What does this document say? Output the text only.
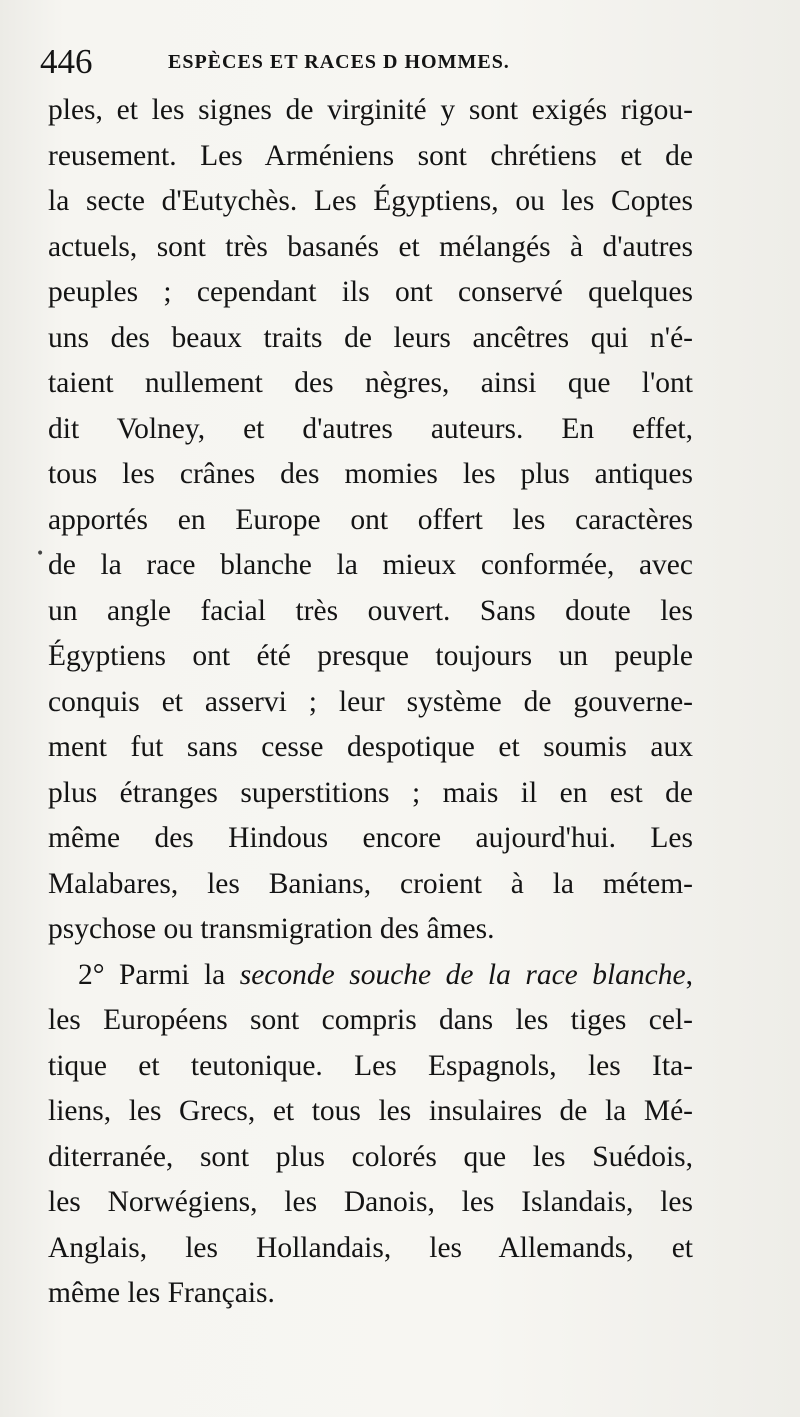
446	ESPÈCES ET RACES D HOMMES.
•
ples, et les signes de virginité y sont exigés rigou-
reusement. Les Arméniens sont chrétiens et de
la secte d'Eutychès. Les Égyptiens, ou les Coptes
actuels, sont très basanés et mélangés à d'autres
peuples ; cependant ils ont conservé quelques
uns des beaux traits de leurs ancêtres qui n'é-
taient nullement des nègres, ainsi que l'ont
dit Volney, et d'autres auteurs. En effet,
tous les crânes des momies les plus antiques
apportés en Europe ont offert les caractères
de la race blanche la mieux conformée, avec
un angle facial très ouvert. Sans doute les
Égyptiens ont été presque toujours un peuple
conquis et asservi ; leur système de gouverne-
ment fut sans cesse despotique et soumis aux
plus étranges superstitions ; mais il en est de
même des Hindous encore aujourd'hui. Les
Malabares, les Banians, croient à la métem-
psychose ou transmigration des âmes.
2° Parmi la seconde souche de la race blanche,
les Européens sont compris dans les tiges cel-
tique et teutonique. Les Espagnols, les Ita-
liens, les Grecs, et tous les insulaires de la Mé-
diterranée, sont plus colorés que les Suédois,
les Norwégiens, les Danois, les Islandais, les
Anglais, les Hollandais, les Allemands, et
même les Français.
